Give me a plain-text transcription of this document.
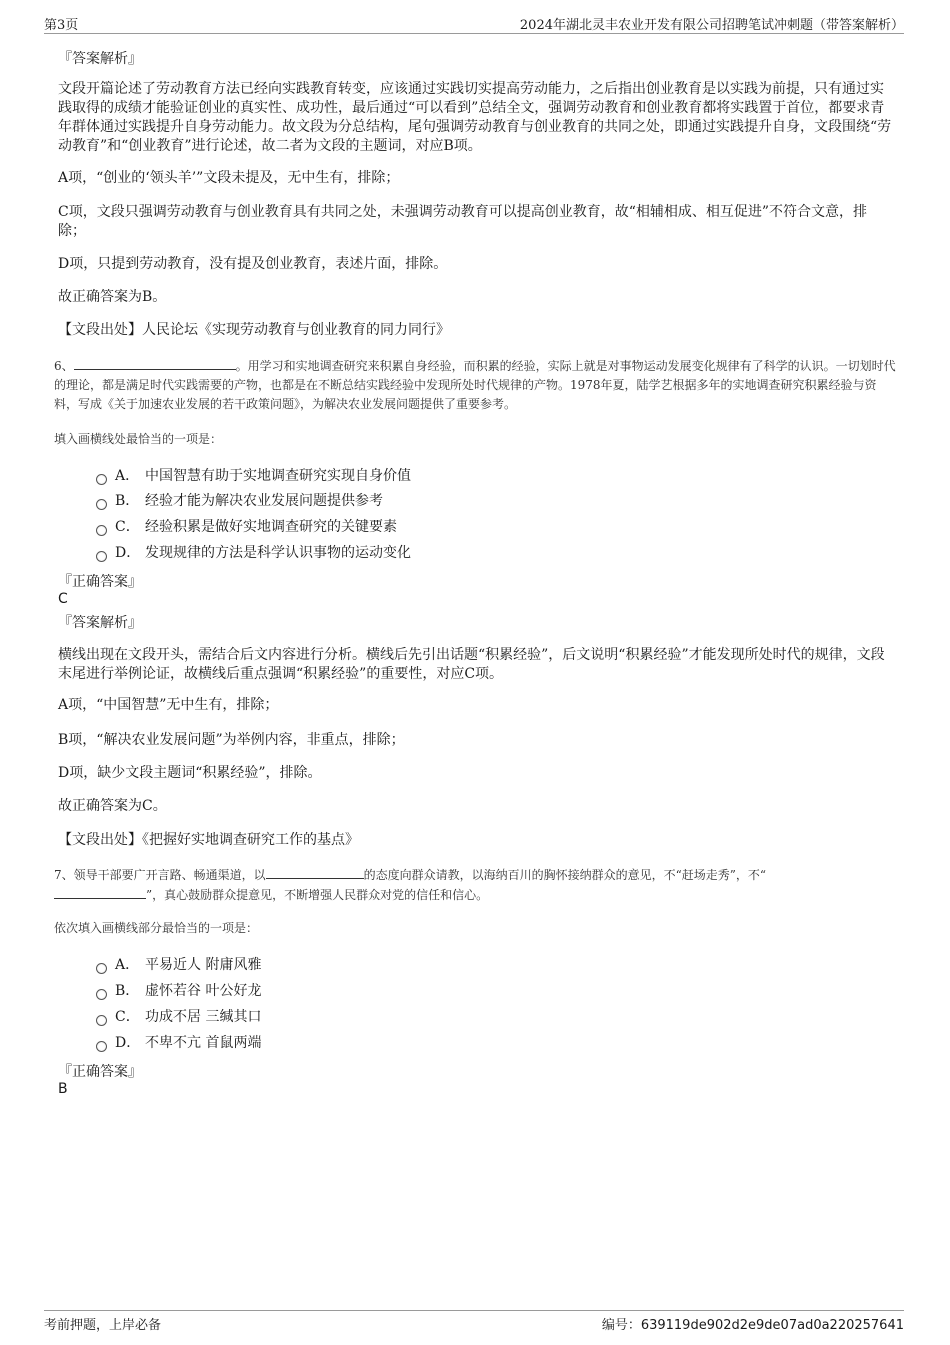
第3页	2024年湖北灵丰农业开发有限公司招聘笔试冲刺题（带答案解析）
『答案解析』
文段开篇论述了劳动教育方法已经向实践教育转变，应该通过实践切实提高劳动能力，之后指出创业教育是以实践为前提，只有通过实践取得的成绩才能验证创业的真实性、成功性，最后通过“可以看到”总结全文，强调劳动教育和创业教育都将实践置于首位，都要求青年群体通过实践提升自身劳动能力。故文段为分总结构，尾句强调劳动教育与创业教育的共同之处，即通过实践提升自身，文段围绕“劳动教育”和“创业教育”进行论述，故二者为文段的主题词，对应B项。
A项，“创业的‘领头羊’”文段未提及，无中生有，排除；
C项，文段只强调劳动教育与创业教育具有共同之处，未强调劳动教育可以提高创业教育，故“相辅相成、相互促进”不符合文意，排除；
D项，只提到劳动教育，没有提及创业教育，表述片面，排除。
故正确答案为B。
【文段出处】人民论坛《实现劳动教育与创业教育的同力同行》
6、	。用学习和实地调查研究来积累自身经验，而积累的经验，实际上就是对事物运动发展变化规律有了科学的认识。一切划时代的理论，都是满足时代实践需要的产物，也都是在不断总结实践经验中发现所处时代规律的产物。1978年夏，陆学艺根据多年的实地调查研究积累经验与资料，写成《关于加速农业发展的若干政策问题》，为解决农业发展问题提供了重要参考。
填入画横线处最恰当的一项是：
A． 中国智慧有助于实地调查研究实现自身价值
B． 经验才能为解决农业发展问题提供参考
C． 经验积累是做好实地调查研究的关键要素
D． 发现规律的方法是科学认识事物的运动变化
『正确答案』
C
『答案解析』
横线出现在文段开头，需结合后文内容进行分析。横线后先引出话题“积累经验”，后文说明“积累经验”才能发现所处时代的规律，文段末尾进行举例论证，故横线后重点强调“积累经验”的重要性，对应C项。
A项，“中国智慧”无中生有，排除；
B项，“解决农业发展问题”为举例内容，非重点，排除；
D项，缺少文段主题词“积累经验”，排除。
故正确答案为C。
【文段出处】《把握好实地调查研究工作的基点》
7、领导干部要广开言路、畅通渠道，以	的态度向群众请教，以海纳百川的胸怀接纳群众的意见，不“赶场走秀”，不“
”，真心鼓励群众提意见，不断增强人民群众对党的信任和信心。
依次填入画横线部分最恰当的一项是：
A． 平易近人 附庸风雅
B． 虚怀若谷 叶公好龙
C． 功成不居 三缄其口
D． 不卑不亢 首鼠两端
『正确答案』
B
考前押题，上岸必备	编号：639119de902d2e9de07ad0a220257641
